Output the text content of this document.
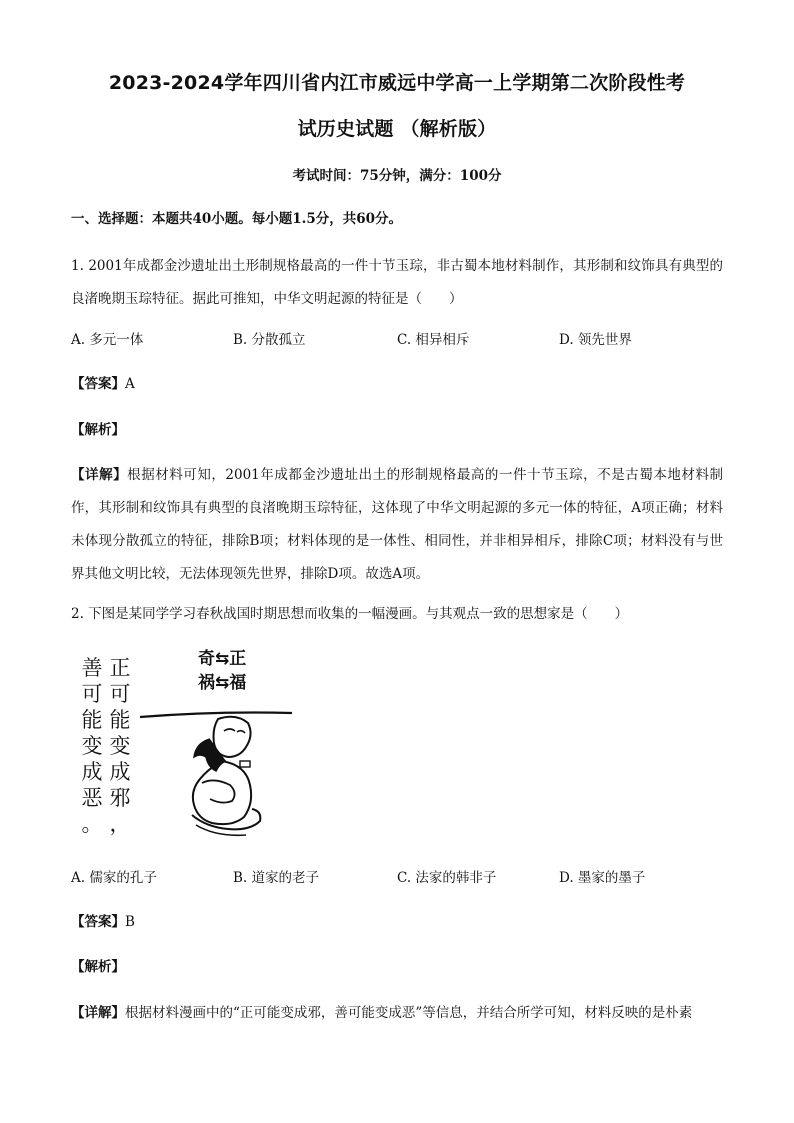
2023-2024学年四川省内江市威远中学高一上学期第二次阶段性考
试历史试题 （解析版）
考试时间：75分钟，满分：100分
一、选择题：本题共40小题。每小题1.5分，共60分。
1. 2001年成都金沙遗址出土形制规格最高的一件十节玉琮，非古蜀本地材料制作，其形制和纹饰具有典型的良渚晚期玉琮特征。据此可推知，中华文明起源的特征是（　　）
A. 多元一体	B. 分散孤立	C. 相异相斥	D. 领先世界
【答案】A
【解析】
【详解】根据材料可知，2001年成都金沙遗址出土的形制规格最高的一件十节玉琮，不是古蜀本地材料制作，其形制和纹饰具有典型的良渚晚期玉琮特征，这体现了中华文明起源的多元一体的特征，A项正确；材料未体现分散孤立的特征，排除B项；材料体现的是一体性、相同性，并非相异相斥，排除C项；材料没有与世界其他文明比较，无法体现领先世界，排除D项。故选A项。
2. 下图是某同学学习春秋战国时期思想而收集的一幅漫画。与其观点一致的思想家是（　　）
善
可
能
变
成
恶
。
正
可
能
变
成
邪
，
奇⇆正
祸⇆福
A. 儒家的孔子	B. 道家的老子	C. 法家的韩非子	D. 墨家的墨子
【答案】B
【解析】
【详解】根据材料漫画中的“正可能变成邪，善可能变成恶”等信息，并结合所学可知，材料反映的是朴素
